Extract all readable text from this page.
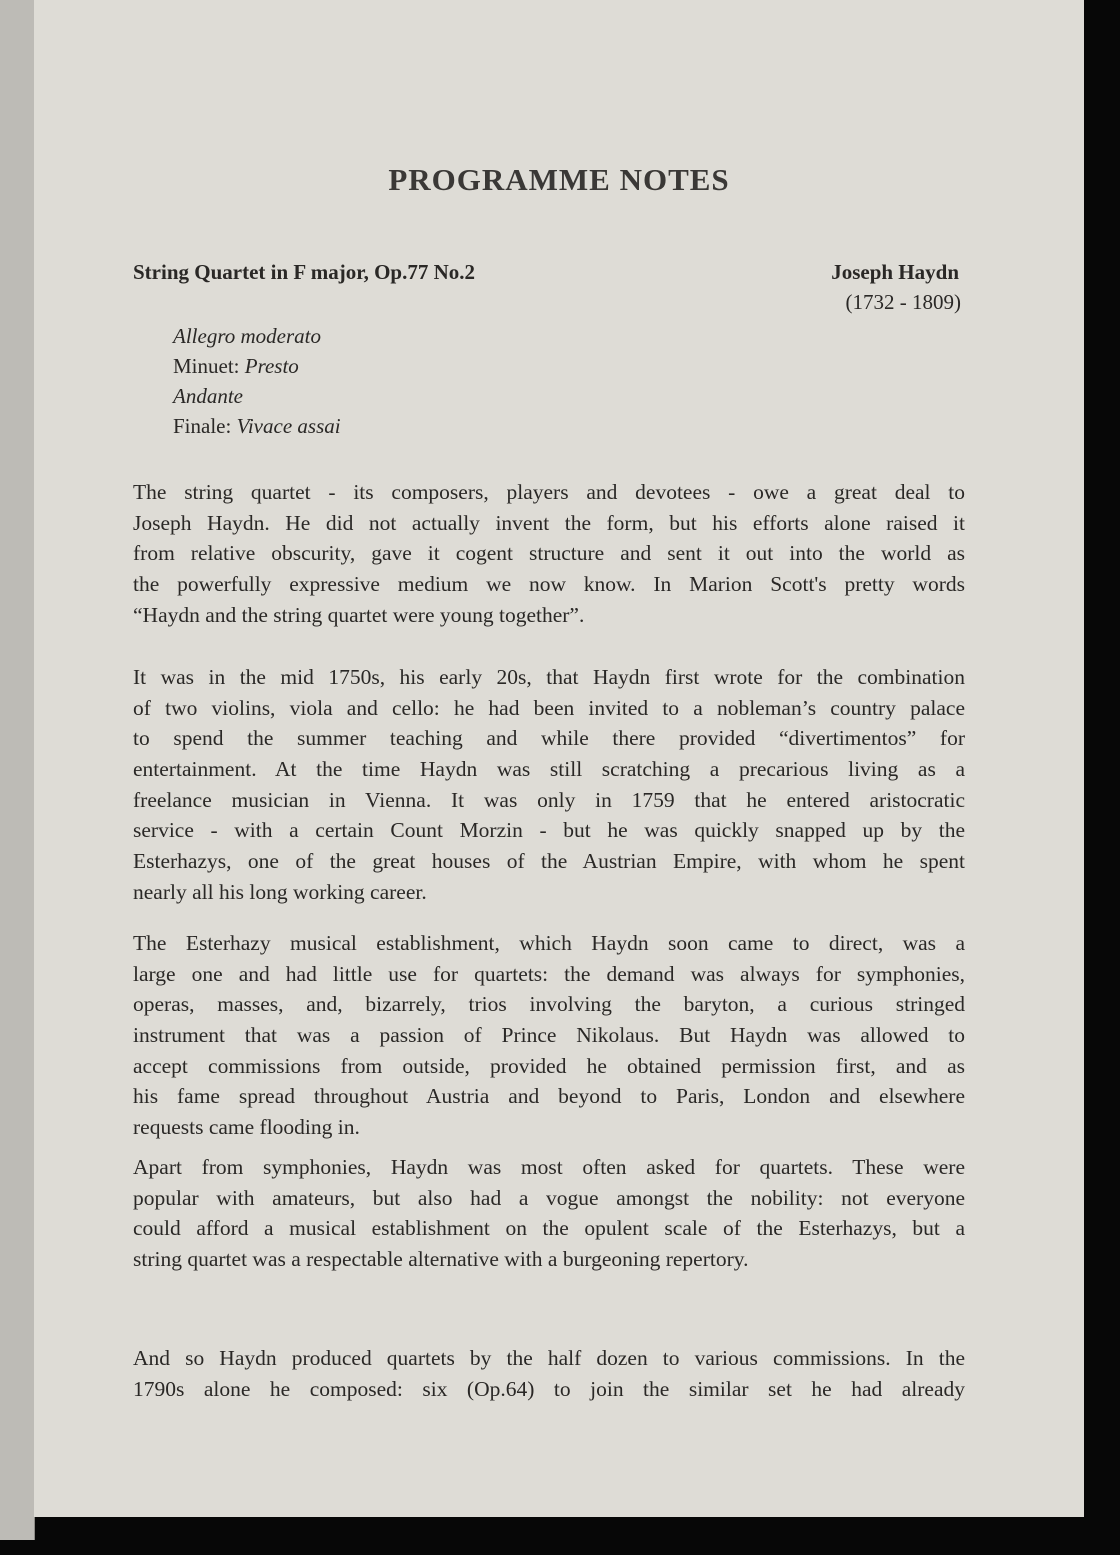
PROGRAMME NOTES
String Quartet in F major, Op.77 No.2	Joseph Haydn
(1732 - 1809)
Allegro moderato
Minuet: Presto
Andante
Finale: Vivace assai
The string quartet - its composers, players and devotees - owe a great deal to
Joseph Haydn. He did not actually invent the form, but his efforts alone raised it
from relative obscurity, gave it cogent structure and sent it out into the world as
the powerfully expressive medium we now know. In Marion Scott's pretty words
“Haydn and the string quartet were young together”.
It was in the mid 1750s, his early 20s, that Haydn first wrote for the combination
of two violins, viola and cello: he had been invited to a nobleman’s country palace
to spend the summer teaching and while there provided “divertimentos” for
entertainment. At the time Haydn was still scratching a precarious living as a
freelance musician in Vienna. It was only in 1759 that he entered aristocratic
service - with a certain Count Morzin - but he was quickly snapped up by the
Esterhazys, one of the great houses of the Austrian Empire, with whom he spent
nearly all his long working career.
The Esterhazy musical establishment, which Haydn soon came to direct, was a
large one and had little use for quartets: the demand was always for symphonies,
operas, masses, and, bizarrely, trios involving the baryton, a curious stringed
instrument that was a passion of Prince Nikolaus. But Haydn was allowed to
accept commissions from outside, provided he obtained permission first, and as
his fame spread throughout Austria and beyond to Paris, London and elsewhere
requests came flooding in.
Apart from symphonies, Haydn was most often asked for quartets. These were
popular with amateurs, but also had a vogue amongst the nobility: not everyone
could afford a musical establishment on the opulent scale of the Esterhazys, but a
string quartet was a respectable alternative with a burgeoning repertory.
And so Haydn produced quartets by the half dozen to various commissions. In the
1790s alone he composed: six (Op.64) to join the similar set he had already
